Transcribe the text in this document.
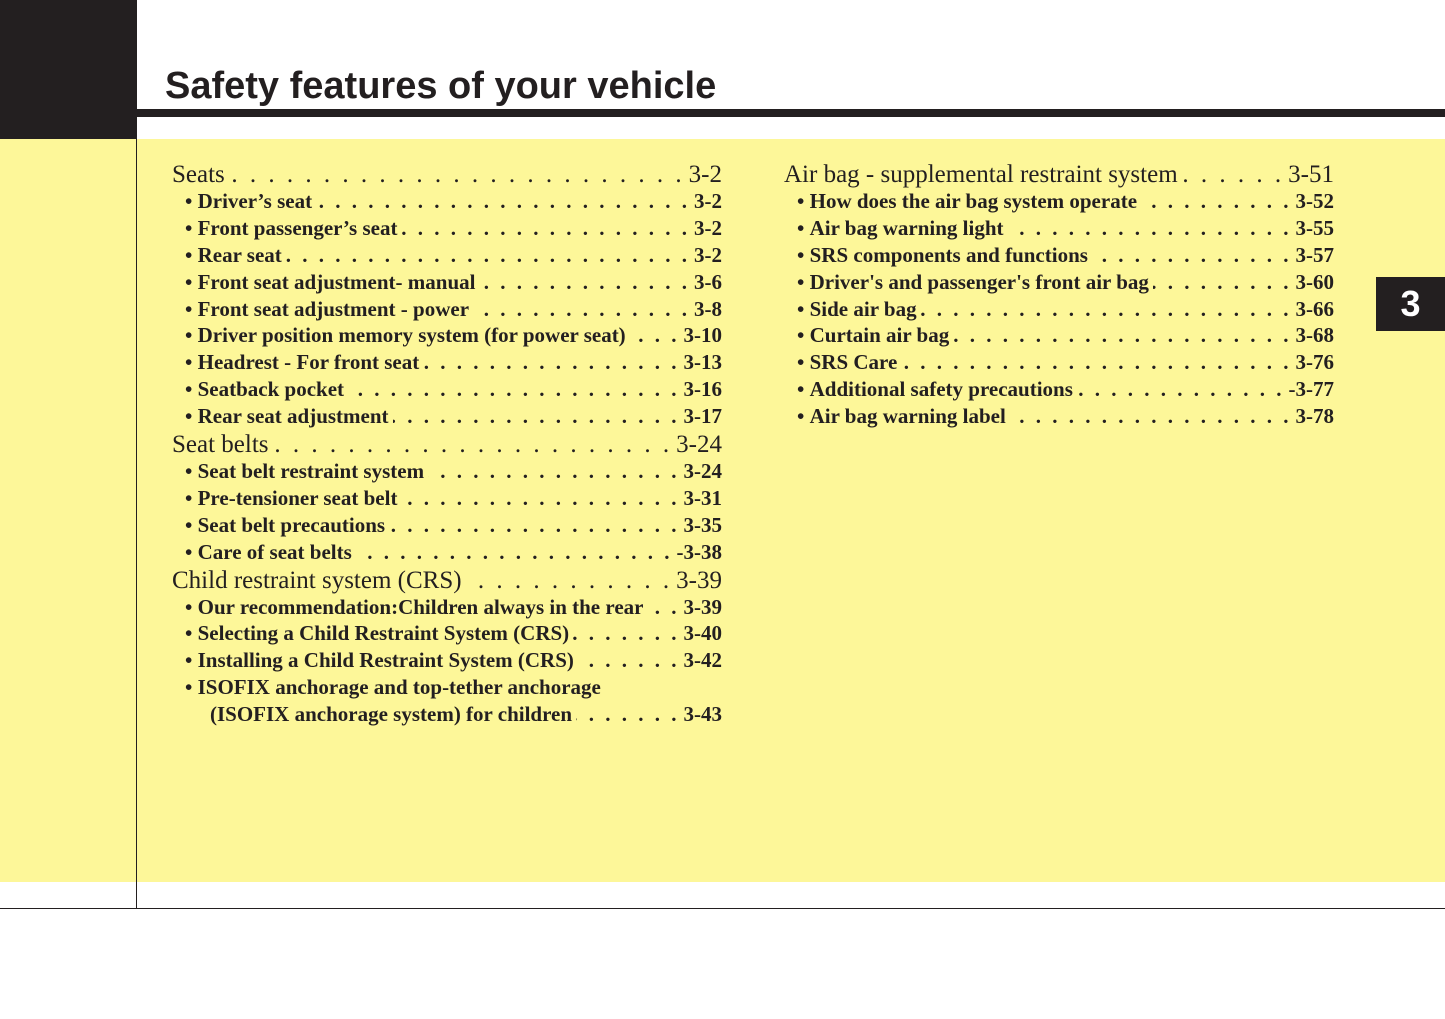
Safety features of your vehicle
3
Seats . . .	3-2
• Driver’s seat . . .	3-2
• Front passenger’s seat . . .	3-2
• Rear seat . . .	3-2
• Front seat adjustment- manual . . .	3-6
• Front seat adjustment - power . . .	3-8
• Driver position memory system (for power seat) . . .	3-10
• Headrest - For front seat . . .	3-13
• Seatback pocket . . .	3-16
• Rear seat adjustment . . .	3-17
Seat belts . . .	3-24
• Seat belt restraint system . . .	3-24
• Pre-tensioner seat belt . . .	3-31
• Seat belt precautions . . .	3-35
• Care of seat belts . . .	-3-38
Child restraint system (CRS) . . .	3-39
• Our recommendation:Children always in the rear . . . 3-39
• Selecting a Child Restraint System (CRS) . . .	3-40
• Installing a Child Restraint System (CRS) . . .	3-42
• ISOFIX anchorage and top-tether anchorage
(ISOFIX anchorage system) for children . . .	3-43
Air bag - supplemental restraint system . . .	3-51
• How does the air bag system operate . . .	3-52
• Air bag warning light . . .	3-55
• SRS components and functions . . .	3-57
• Driver's and passenger's front air bag . . .	3-60
• Side air bag . . .	3-66
• Curtain air bag . . .	3-68
• SRS Care . . .	3-76
• Additional safety precautions . . .	-3-77
• Air bag warning label . . .	3-78
